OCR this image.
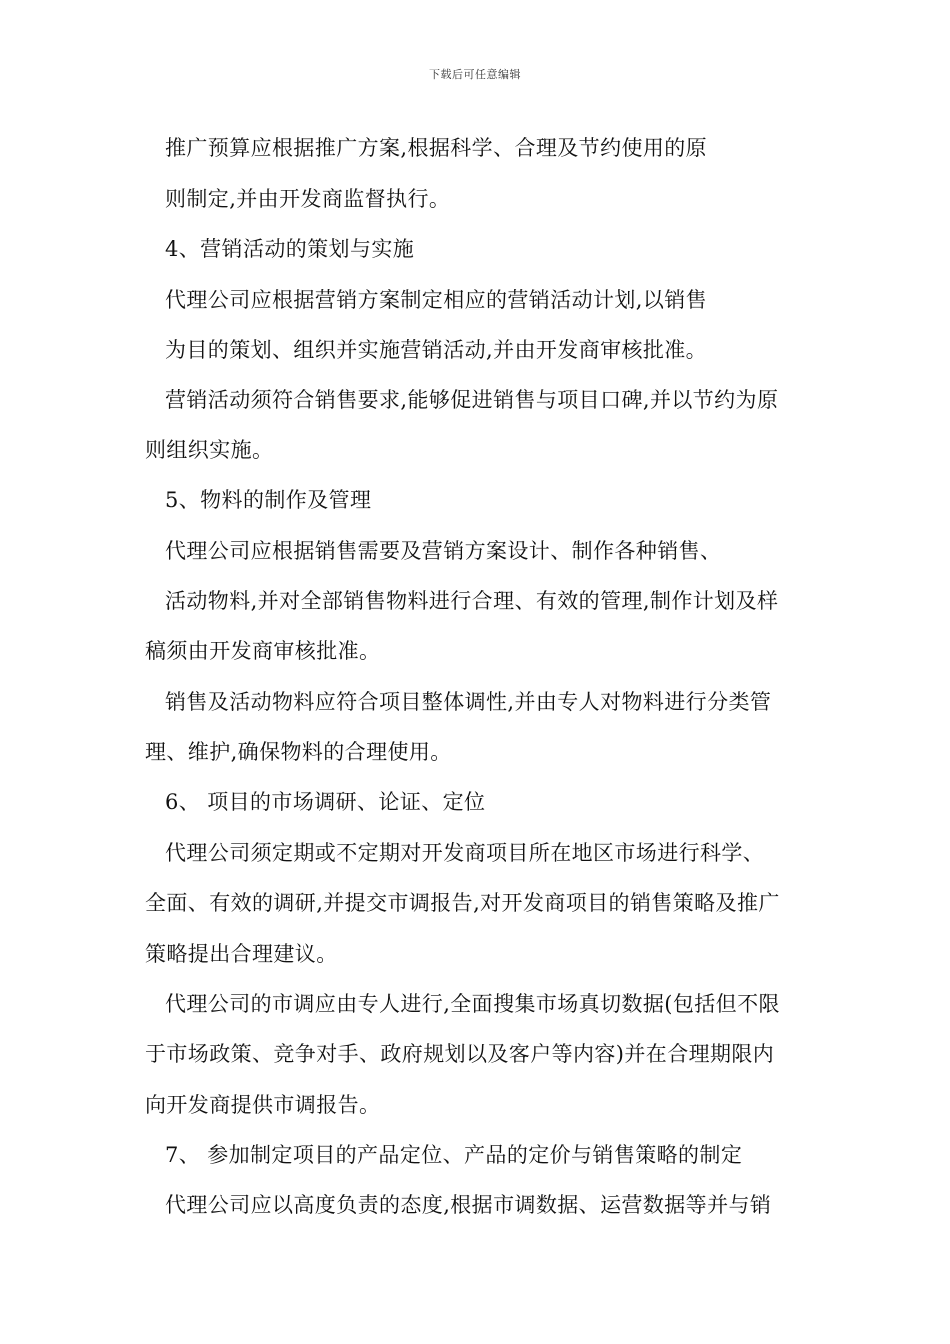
下载后可任意编辑
推广预算应根据推广方案,根据科学、合理及节约使用的原
则制定,并由开发商监督执行。
4、营销活动的策划与实施
代理公司应根据营销方案制定相应的营销活动计划,以销售
为目的策划、组织并实施营销活动,并由开发商审核批准。
营销活动须符合销售要求,能够促进销售与项目口碑,并以节约为原
则组织实施。
5、物料的制作及管理
代理公司应根据销售需要及营销方案设计、制作各种销售、
活动物料,并对全部销售物料进行合理、有效的管理,制作计划及样
稿须由开发商审核批准。
销售及活动物料应符合项目整体调性,并由专人对物料进行分类管
理、维护,确保物料的合理使用。
6、 项目的市场调研、论证、定位
代理公司须定期或不定期对开发商项目所在地区市场进行科学、
全面、有效的调研,并提交市调报告,对开发商项目的销售策略及推广
策略提出合理建议。
代理公司的市调应由专人进行,全面搜集市场真切数据(包括但不限
于市场政策、竞争对手、政府规划以及客户等内容)并在合理期限内
向开发商提供市调报告。
7、 参加制定项目的产品定位、产品的定价与销售策略的制定
代理公司应以高度负责的态度,根据市调数据、运营数据等并与销
